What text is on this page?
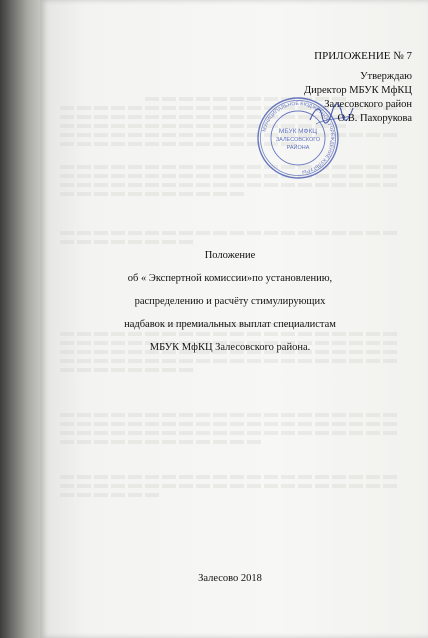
ПРИЛОЖЕНИЕ № 7
Утверждаю
Директор МБУК МфКЦ
Залесовского район
О.В. Пахорукова
МУНИЦИПАЛЬНОЕ БЮДЖЕТНОЕ УЧРЕЖДЕНИЕ КУЛЬТУРЫ
МБУК МФКЦ
ЗАЛЕСОВСКОГО
РАЙОНА
Положение
об « Экспертной комиссии»по установлению,
распределению и расчёту стимулирующих
надбавок и премиальных выплат специалистам
МБУК МфКЦ Залесовского района.
Залесово 2018
